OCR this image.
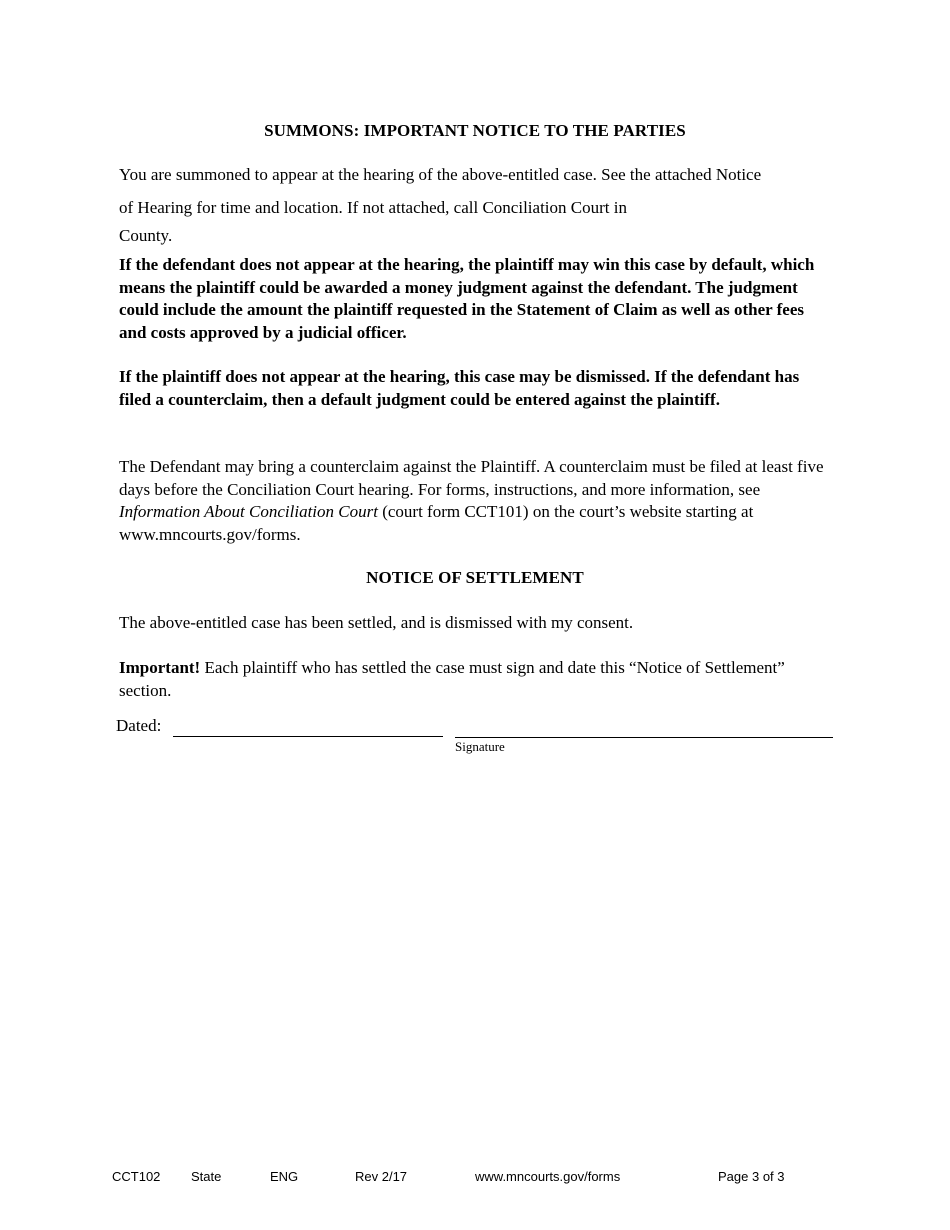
SUMMONS: IMPORTANT NOTICE TO THE PARTIES
You are summoned to appear at the hearing of the above-entitled case. See the attached Notice
of Hearing for time and location. If not attached, call Conciliation Court in
County.
If the defendant does not appear at the hearing, the plaintiff may win this case by default, which means the plaintiff could be awarded a money judgment against the defendant. The judgment could include the amount the plaintiff requested in the Statement of Claim as well as other fees and costs approved by a judicial officer.
If the plaintiff does not appear at the hearing, this case may be dismissed. If the defendant has filed a counterclaim, then a default judgment could be entered against the plaintiff.
The Defendant may bring a counterclaim against the Plaintiff. A counterclaim must be filed at least five days before the Conciliation Court hearing. For forms, instructions, and more information, see Information About Conciliation Court (court form CCT101) on the court’s website starting at www.mncourts.gov/forms.
NOTICE OF SETTLEMENT
The above-entitled case has been settled, and is dismissed with my consent.
Important! Each plaintiff who has settled the case must sign and date this “Notice of Settlement” section.
Dated:
Signature
CCT102 State	ENG	Rev 2/17	www.mncourts.gov/forms	Page 3 of 3
